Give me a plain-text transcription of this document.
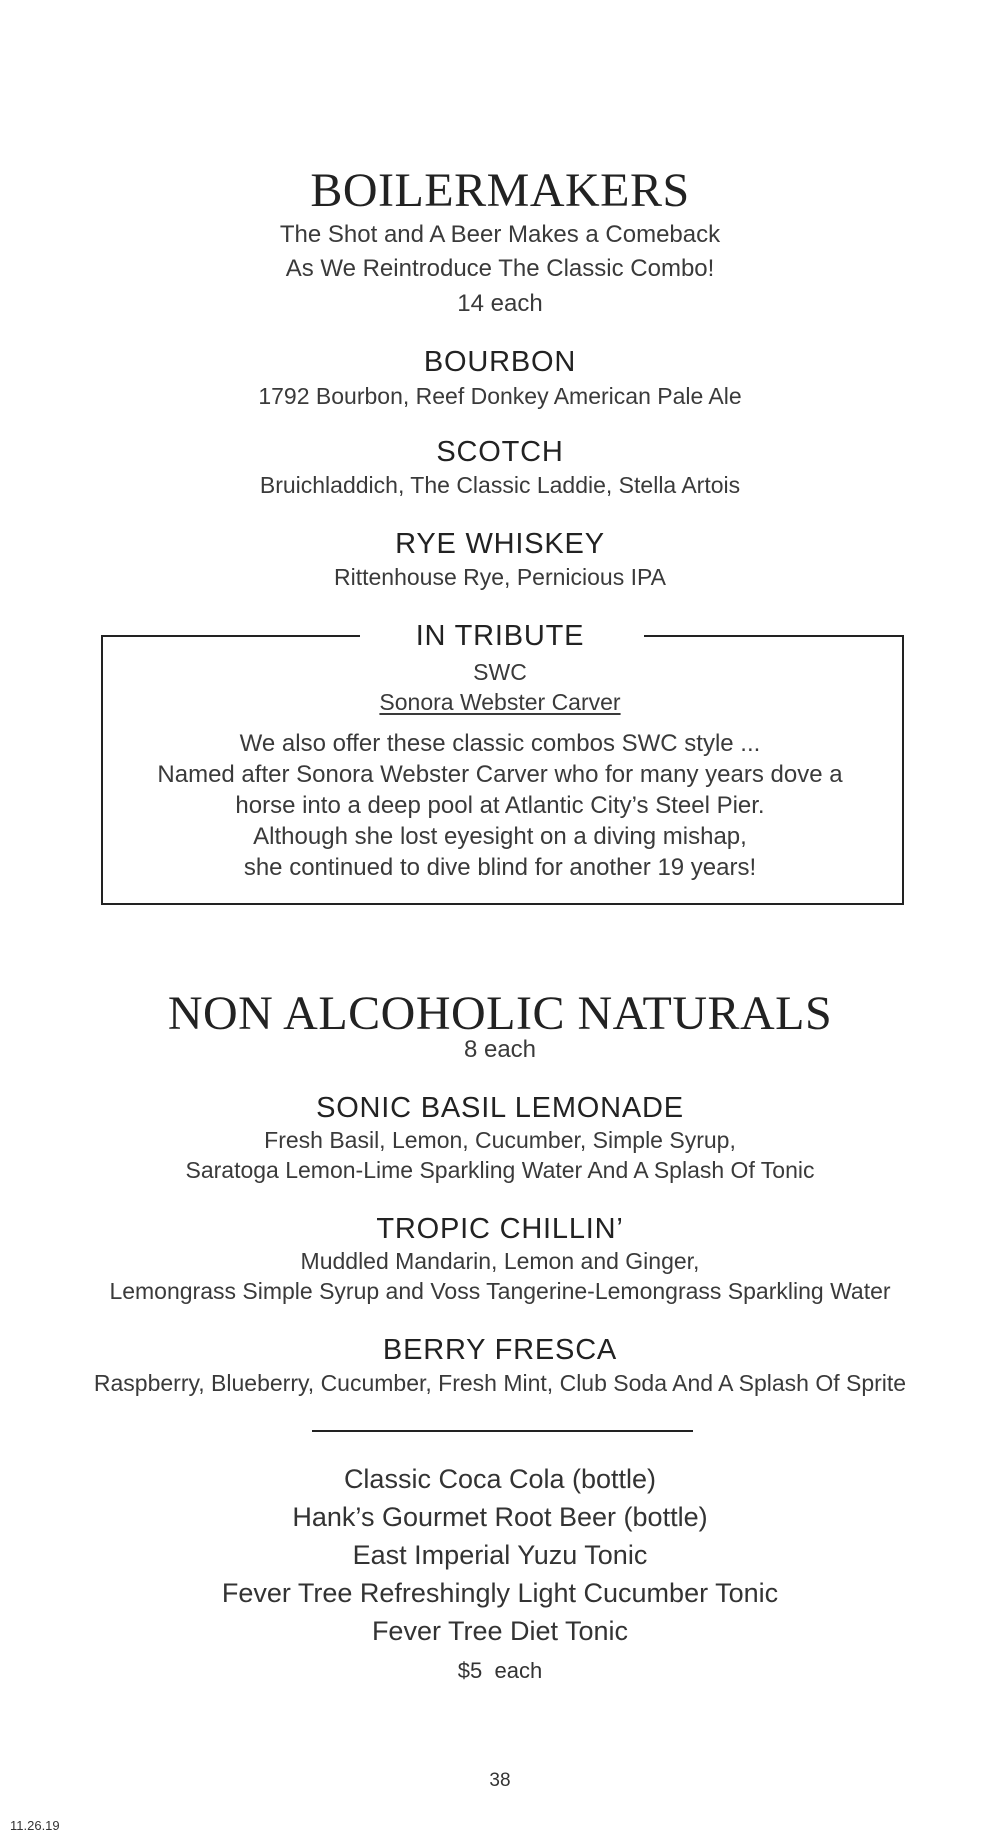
BOILERMAKERS
The Shot and A Beer Makes a Comeback
As We Reintroduce The Classic Combo!
14 each
BOURBON
1792 Bourbon, Reef Donkey American Pale Ale
SCOTCH
Bruichladdich, The Classic Laddie, Stella Artois
RYE WHISKEY
Rittenhouse Rye, Pernicious IPA
IN TRIBUTE
SWC
Sonora Webster Carver
We also offer these classic combos SWC style ...
Named after Sonora Webster Carver who for many years dove a
horse into a deep pool at Atlantic City’s Steel Pier.
Although she lost eyesight on a diving mishap,
she continued to dive blind for another 19 years!
NON ALCOHOLIC NATURALS
8 each
SONIC BASIL LEMONADE
Fresh Basil, Lemon, Cucumber, Simple Syrup,
Saratoga Lemon-Lime Sparkling Water And A Splash Of Tonic
TROPIC CHILLIN’
Muddled Mandarin, Lemon and Ginger,
Lemongrass Simple Syrup and Voss Tangerine-Lemongrass Sparkling Water
BERRY FRESCA
Raspberry, Blueberry, Cucumber, Fresh Mint, Club Soda And A Splash Of Sprite
Classic Coca Cola (bottle)
Hank’s Gourmet Root Beer (bottle)
East Imperial Yuzu Tonic
Fever Tree Refreshingly Light Cucumber Tonic
Fever Tree Diet Tonic
$5  each
38
11.26.19
